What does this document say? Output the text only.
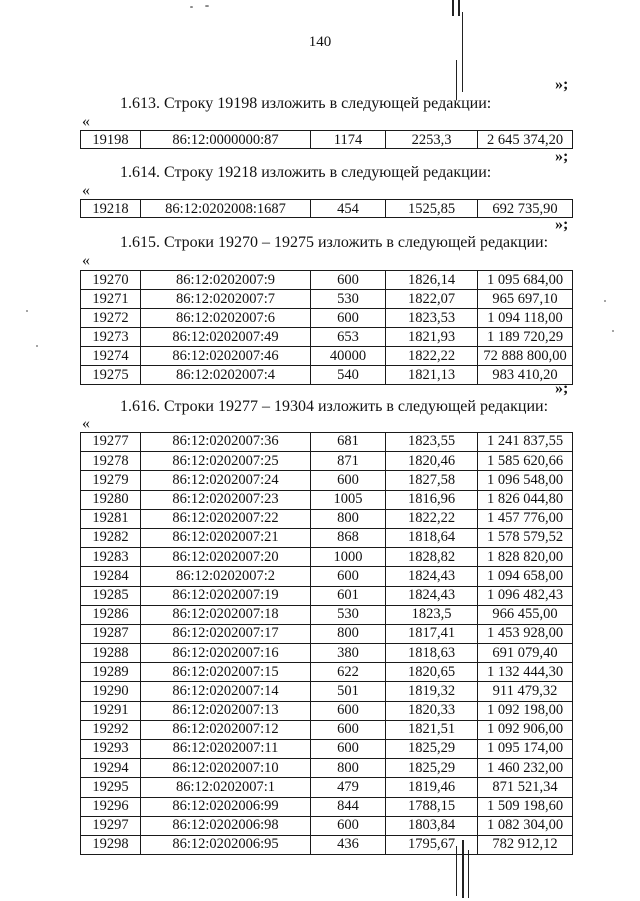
140
»;
1.613. Строку 19198 изложить в следующей редакции:
«
19198	86:12:0000000:87	1174	2253,3	2 645 374,20
»;
1.614. Строку 19218 изложить в следующей редакции:
«
19218	86:12:0202008:1687	454	1525,85	692 735,90
»;
1.615. Строки 19270 – 19275 изложить в следующей редакции:
«
19270	86:12:0202007:9	600	1826,14	1 095 684,00
19271	86:12:0202007:7	530	1822,07	965 697,10
19272	86:12:0202007:6	600	1823,53	1 094 118,00
19273	86:12:0202007:49	653	1821,93	1 189 720,29
19274	86:12:0202007:46	40000	1822,22	72 888 800,00
19275	86:12:0202007:4	540	1821,13	983 410,20
»;
1.616. Строки 19277 – 19304 изложить в следующей редакции:
«
19277	86:12:0202007:36	681	1823,55	1 241 837,55
19278	86:12:0202007:25	871	1820,46	1 585 620,66
19279	86:12:0202007:24	600	1827,58	1 096 548,00
19280	86:12:0202007:23	1005	1816,96	1 826 044,80
19281	86:12:0202007:22	800	1822,22	1 457 776,00
19282	86:12:0202007:21	868	1818,64	1 578 579,52
19283	86:12:0202007:20	1000	1828,82	1 828 820,00
19284	86:12:0202007:2	600	1824,43	1 094 658,00
19285	86:12:0202007:19	601	1824,43	1 096 482,43
19286	86:12:0202007:18	530	1823,5	966 455,00
19287	86:12:0202007:17	800	1817,41	1 453 928,00
19288	86:12:0202007:16	380	1818,63	691 079,40
19289	86:12:0202007:15	622	1820,65	1 132 444,30
19290	86:12:0202007:14	501	1819,32	911 479,32
19291	86:12:0202007:13	600	1820,33	1 092 198,00
19292	86:12:0202007:12	600	1821,51	1 092 906,00
19293	86:12:0202007:11	600	1825,29	1 095 174,00
19294	86:12:0202007:10	800	1825,29	1 460 232,00
19295	86:12:0202007:1	479	1819,46	871 521,34
19296	86:12:0202006:99	844	1788,15	1 509 198,60
19297	86:12:0202006:98	600	1803,84	1 082 304,00
19298	86:12:0202006:95	436	1795,67	782 912,12
